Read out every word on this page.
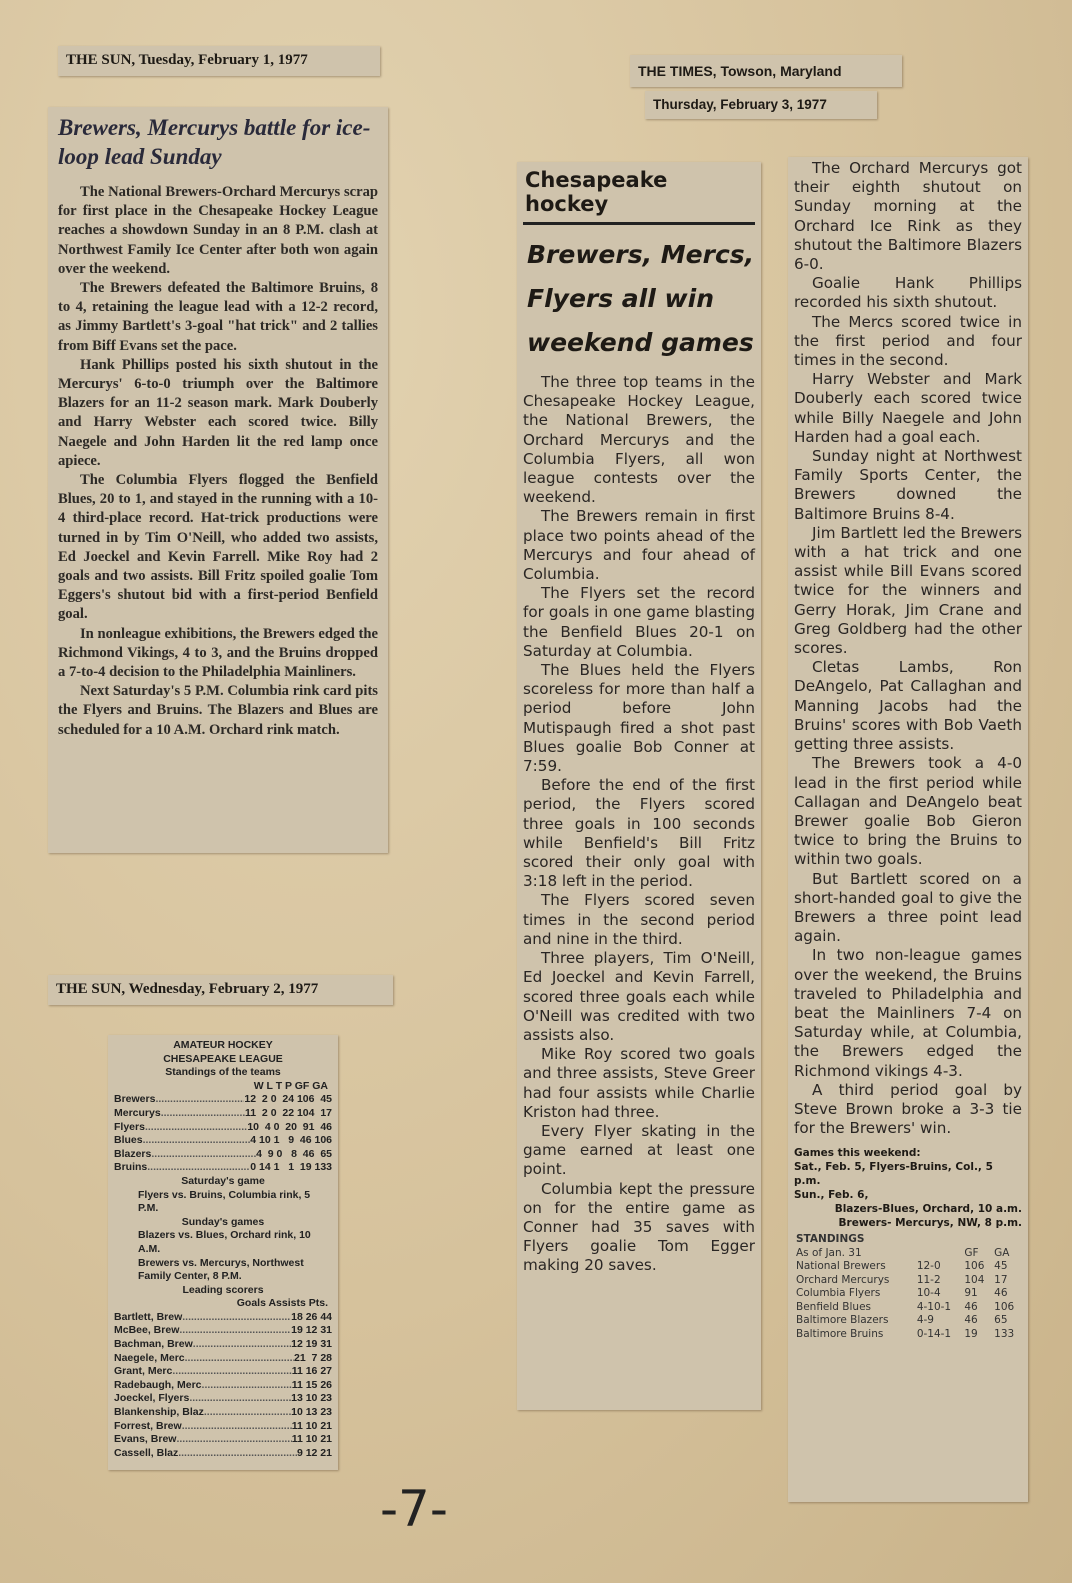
THE SUN, Tuesday, February 1, 1977
Brewers, Mercurys battle for ice-loop lead Sunday

The National Brewers-Orchard Mercurys scrap for first place in the Chesapeake Hockey League reaches a showdown Sunday in an 8 P.M. clash at Northwest Family Ice Center after both won again over the weekend.

The Brewers defeated the Baltimore Bruins, 8 to 4, retaining the league lead with a 12-2 record, as Jimmy Bartlett's 3-goal "hat trick" and 2 tallies from Biff Evans set the pace.

Hank Phillips posted his sixth shutout in the Mercurys' 6-to-0 triumph over the Baltimore Blazers for an 11-2 season mark. Mark Douberly and Harry Webster each scored twice. Billy Naegele and John Harden lit the red lamp once apiece.

The Columbia Flyers flogged the Benfield Blues, 20 to 1, and stayed in the running with a 10-4 third-place record. Hat-trick productions were turned in by Tim O'Neill, who added two assists, Ed Joeckel and Kevin Farrell. Mike Roy had 2 goals and two assists. Bill Fritz spoiled goalie Tom Eggers's shutout bid with a first-period Benfield goal.

In nonleague exhibitions, the Brewers edged the Richmond Vikings, 4 to 3, and the Bruins dropped a 7-to-4 decision to the Philadelphia Mainliners.

Next Saturday's 5 P.M. Columbia rink card pits the Flyers and Bruins. The Blazers and Blues are scheduled for a 10 A.M. Orchard rink match.

THE SUN, Wednesday, February 2, 1977
AMATEUR HOCKEY
CHESAPEAKE LEAGUE
Standings of the teams
W L T P GF GA
Brewers .....	12  2 0  24 106  45
Mercurys .....	11  2 0  22 104  17
Flyers .....	10  4 0  20  91  46
Blues .....	4 10 1   9  46 106
Blazers .....	4  9 0   8  46  65
Bruins .....	0 14 1   1  19 133
Saturday's game
Flyers vs. Bruins, Columbia rink, 5 P.M.
Sunday's games
Blazers vs. Blues, Orchard rink, 10 A.M.
Brewers vs. Mercurys, Northwest Family Center, 8 P.M.
Leading scorers
Goals Assists Pts.
Bartlett, Brew .....	18 26 44
McBee, Brew .....	19 12 31
Bachman, Brew .....	12 19 31
Naegele, Merc .....	21  7 28
Grant, Merc .....	11 16 27
Radebaugh, Merc .....	11 15 26
Joeckel, Flyers .....	13 10 23
Blankenship, Blaz .....	10 13 23
Forrest, Brew .....	11 10 21
Evans, Brew .....	11 10 21
Cassell, Blaz .....	9 12 21
THE TIMES, Towson, Maryland
Thursday, February 3, 1977
Chesapeake hockey
Brewers, Mercs,
Flyers all win
weekend games

The three top teams in the Chesapeake Hockey League, the National Brewers, the Orchard Mercurys and the Columbia Flyers, all won league contests over the weekend.

The Brewers remain in first place two points ahead of the Mercurys and four ahead of Columbia.

The Flyers set the record for goals in one game blasting the Benfield Blues 20-1 on Saturday at Columbia.

The Blues held the Flyers scoreless for more than half a period before John Mutispaugh fired a shot past Blues goalie Bob Conner at 7:59.

Before the end of the first period, the Flyers scored three goals in 100 seconds while Benfield's Bill Fritz scored their only goal with 3:18 left in the period.

The Flyers scored seven times in the second period and nine in the third.

Three players, Tim O'Neill, Ed Joeckel and Kevin Farrell, scored three goals each while O'Neill was credited with two assists also.

Mike Roy scored two goals and three assists, Steve Greer had four assists while Charlie Kriston had three.

Every Flyer skating in the game earned at least one point.

Columbia kept the pressure on for the entire game as Conner had 35 saves with Flyers goalie Tom Egger making 20 saves.

The Orchard Mercurys got their eighth shutout on Sunday morning at the Orchard Ice Rink as they shutout the Baltimore Blazers 6-0.

Goalie Hank Phillips recorded his sixth shutout.

The Mercs scored twice in the first period and four times in the second.

Harry Webster and Mark Douberly each scored twice while Billy Naegele and John Harden had a goal each.

Sunday night at Northwest Family Sports Center, the Brewers downed the Baltimore Bruins 8-4.

Jim Bartlett led the Brewers with a hat trick and one assist while Bill Evans scored twice for the winners and Gerry Horak, Jim Crane and Greg Goldberg had the other scores.

Cletas Lambs, Ron DeAngelo, Pat Callaghan and Manning Jacobs had the Bruins' scores with Bob Vaeth getting three assists.

The Brewers took a 4-0 lead in the first period while Callagan and DeAngelo beat Brewer goalie Bob Gieron twice to bring the Bruins to within two goals.

But Bartlett scored on a short-handed goal to give the Brewers a three point lead again.

In two non-league games over the weekend, the Bruins traveled to Philadelphia and beat the Mainliners 7-4 on Saturday while, at Columbia, the Brewers edged the Richmond vikings 4-3.

A third period goal by Steve Brown broke a 3-3 tie for the Brewers' win.

Games this weekend:
Sat., Feb. 5, Flyers-Bruins, Col., 5 p.m.
Sun., Feb. 6,
Blazers-Blues, Orchard, 10 a.m.
Brewers- Mercurys, NW, 8 p.m.
STANDINGS			
As of Jan. 31		GF	GA
National Brewers	12-0	106	45
Orchard Mercurys	11-2	104	17
Columbia Flyers	10-4	91	46
Benfield Blues	4-10-1	46	106
Baltimore Blazers	4-9	46	65
Baltimore Bruins	0-14-1	19	133
-7-
